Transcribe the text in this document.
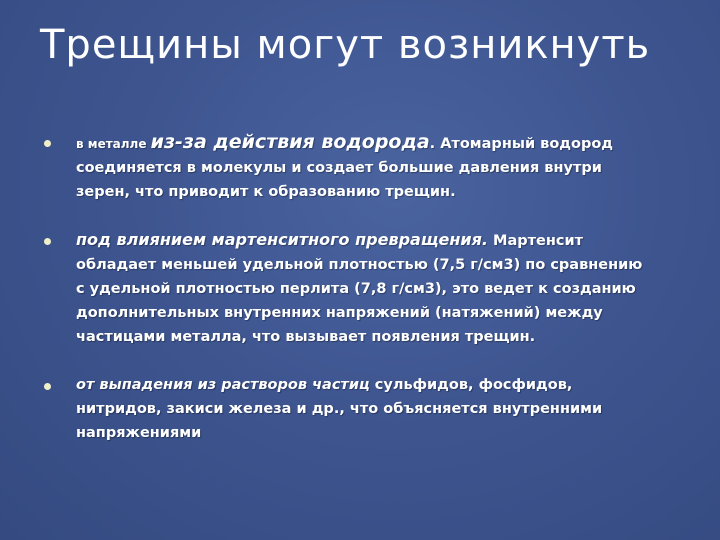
Трещины могут возникнуть
в металле из-за действия водорода. Атомарный водород соединяется в молекулы и создает большие давления внутри зерен, что приводит к образованию трещин.
под влиянием мартенситного превращения. Мартенсит обладает меньшей удельной плотностью (7,5 г/см3) по сравнению с удельной плотностью перлита (7,8 г/см3), это ведет к созданию дополнительных внутренних напряжений (натяжений) между частицами металла, что вызывает появления трещин.
от выпадения из растворов частиц сульфидов, фосфидов, нитридов, закиси железа и др., что объясняется внутренними напряжениями
